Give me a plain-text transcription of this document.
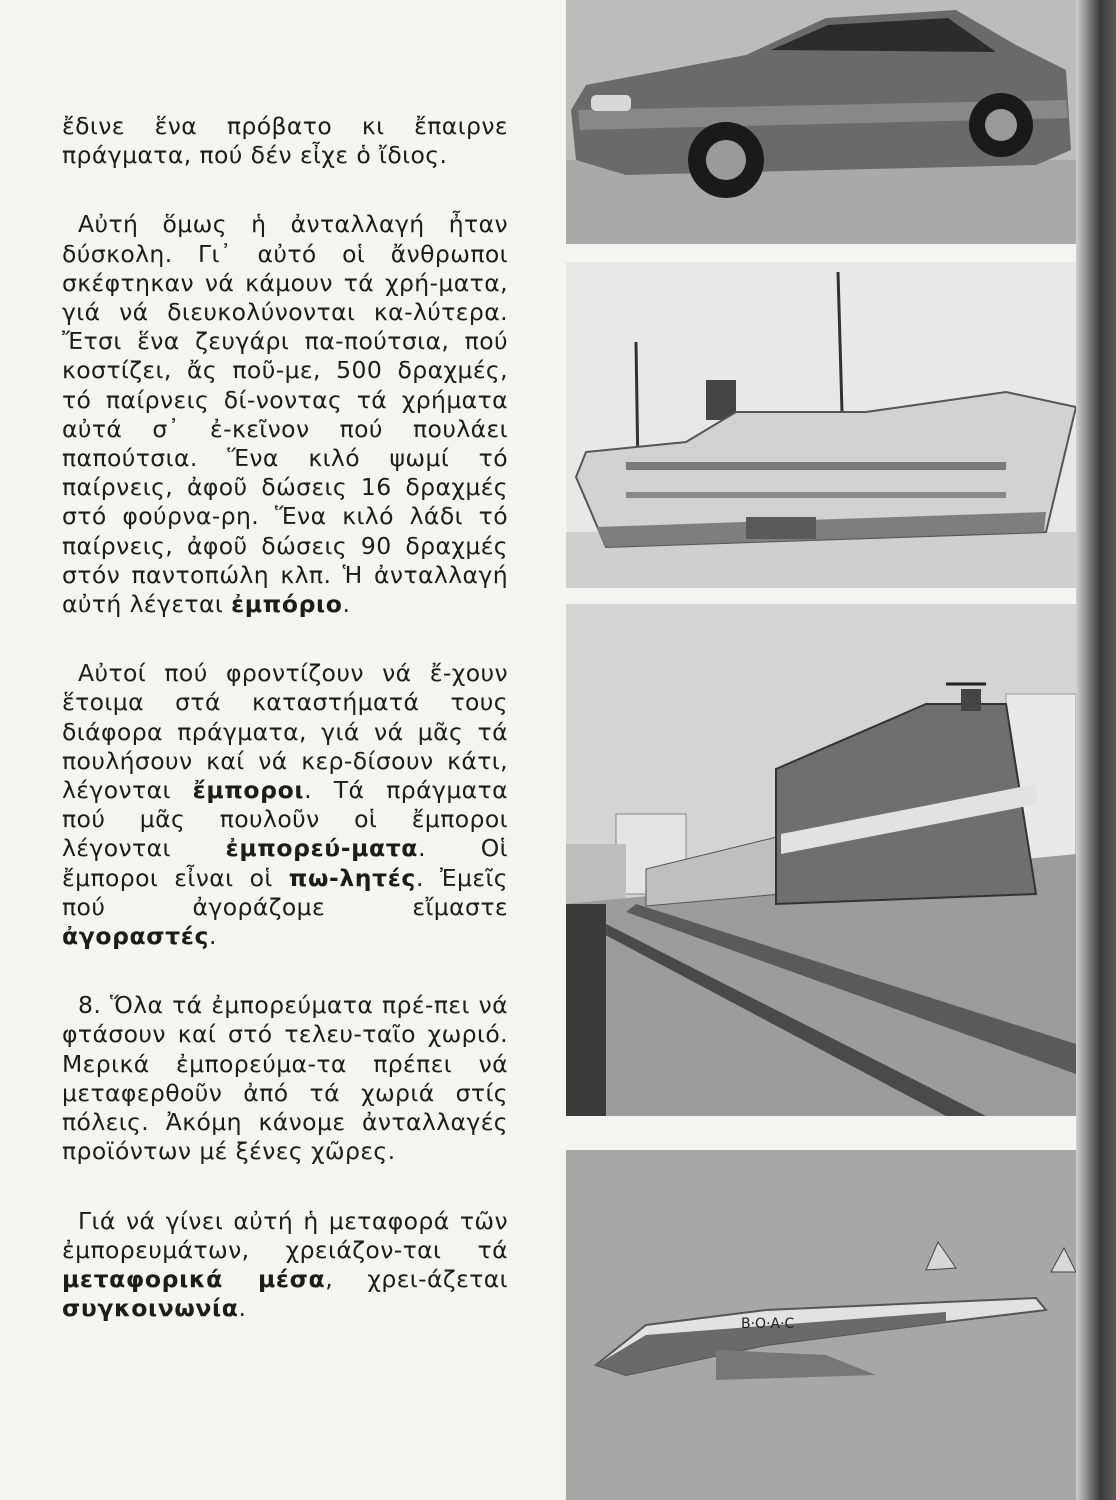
ἔδινε ἕνα πρόβατο κι ἔπαιρνε πράγματα, πού δέν εἶχε ὁ ἴδιος.

Αὐτή ὅμως ἡ ἀνταλλαγή ἦταν δύσκολη. Γι᾽ αὐτό οἱ ἄνθρωποι σκέφτηκαν νά κάμουν τά χρή-​ματα, γιά νά διευκολύνονται κα-​λύτερα. Ἔτσι ἕνα ζευγάρι πα-​πούτσια, πού κοστίζει, ἄς ποῦ-​με, 500 δραχμές, τό παίρνεις δί-​νοντας τά χρήματα αὐτά σ᾽ ἐ-​κεῖνον πού πουλάει παπούτσια. Ἕνα κιλό ψωμί τό παίρνεις, ἀφοῦ δώσεις 16 δραχμές στό φούρνα-​ρη. Ἕνα κιλό λάδι τό παίρνεις, ἀφοῦ δώσεις 90 δραχμές στόν παντοπώλη κλπ. Ἡ ἀνταλλαγή αὐτή λέγεται ἐμπόριο.

Αὐτοί πού φροντίζουν νά ἔ-​χουν ἕτοιμα στά καταστήματά τους διάφορα πράγματα, γιά νά μᾶς τά πουλήσουν καί νά κερ-​δίσουν κάτι, λέγονται ἔμποροι. Τά πράγματα πού μᾶς πουλοῦν οἱ ἔμποροι λέγονται ἐμπορεύ-​ματα. Οἱ ἔμποροι εἶναι οἱ πω-​λητές. Ἐμεῖς πού ἀγοράζομε εἴμαστε ἀγοραστές.

8. Ὅλα τά ἐμπορεύματα πρέ-​πει νά φτάσουν καί στό τελευ-​ταῖο χωριό. Μερικά ἐμπορεύμα-​τα πρέπει νά μεταφερθοῦν ἀπό τά χωριά στίς πόλεις. Ἀκόμη κάνομε ἀνταλλαγές προϊόντων μέ ξένες χῶρες.

Γιά νά γίνει αὐτή ἡ μεταφορά τῶν ἐμπορευμάτων, χρειάζον-​ται τά μεταφορικά μέσα, χρει-​άζεται συγκοινωνία.

B·O·A·C
